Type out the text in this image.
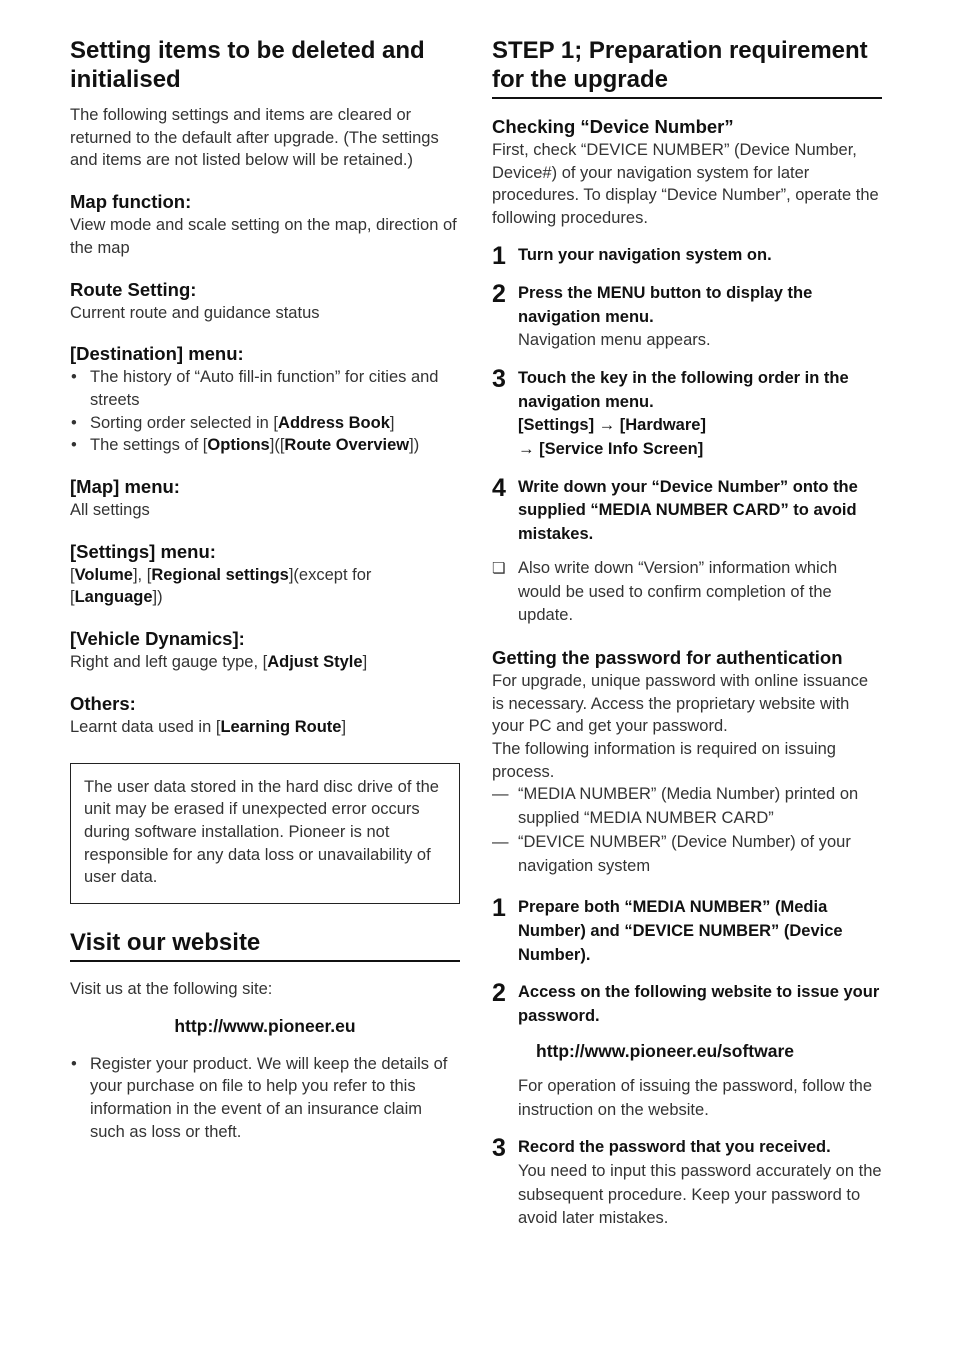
Setting items to be deleted and initialised

The following settings and items are cleared or returned to the default after upgrade. (The settings and items are not listed below will be retained.)

Map function:

View mode and scale setting on the map, direction of the map

Route Setting:

Current route and guidance status

[Destination] menu:
• The history of “Auto fill-in function” for cities and streets
• Sorting order selected in [Address Book]
• The settings of [Options]([Route Overview])
[Map] menu:

All settings

[Settings] menu:

[Volume], [Regional settings](except for [Language])

[Vehicle Dynamics]:

Right and left gauge type, [Adjust Style]

Others:

Learnt data used in [Learning Route]

The user data stored in the hard disc drive of the unit may be erased if unexpected error occurs during software installation. Pioneer is not responsible for any data loss or unavailability of user data.

Visit our website

Visit us at the following site:

http://www.pioneer.eu
• Register your product. We will keep the details of your purchase on file to help you refer to this information in the event of an insurance claim such as loss or theft.
STEP 1; Preparation requirement for the upgrade
Checking “Device Number”

First, check “DEVICE NUMBER” (Device Number, Device#) of your navigation system for later procedures. To display “Device Number”, operate the following procedures.

1 Turn your navigation system on.
2 Press the MENU button to display the navigation menu.
Navigation menu appears.
3 Touch the key in the following order in the navigation menu.
[Settings] → [Hardware]
→ [Service Info Screen]
4 Write down your “Device Number” onto the supplied “MEDIA NUMBER CARD” to avoid mistakes.
❏ Also write down “Version” information which would be used to confirm completion of the update.
Getting the password for authentication

For upgrade, unique password with online issuance is necessary. Access the proprietary website with your PC and get your password.

The following information is required on issuing process.

— “MEDIA NUMBER” (Media Number) printed on supplied “MEDIA NUMBER CARD”
— “DEVICE NUMBER” (Device Number) of your navigation system
1 Prepare both “MEDIA NUMBER” (Media Number) and “DEVICE NUMBER” (Device Number).
2 Access on the following website to issue your password.
http://www.pioneer.eu/software
For operation of issuing the password, follow the instruction on the website.
3 Record the password that you received.
You need to input this password accurately on the subsequent procedure. Keep your password to avoid later mistakes.
